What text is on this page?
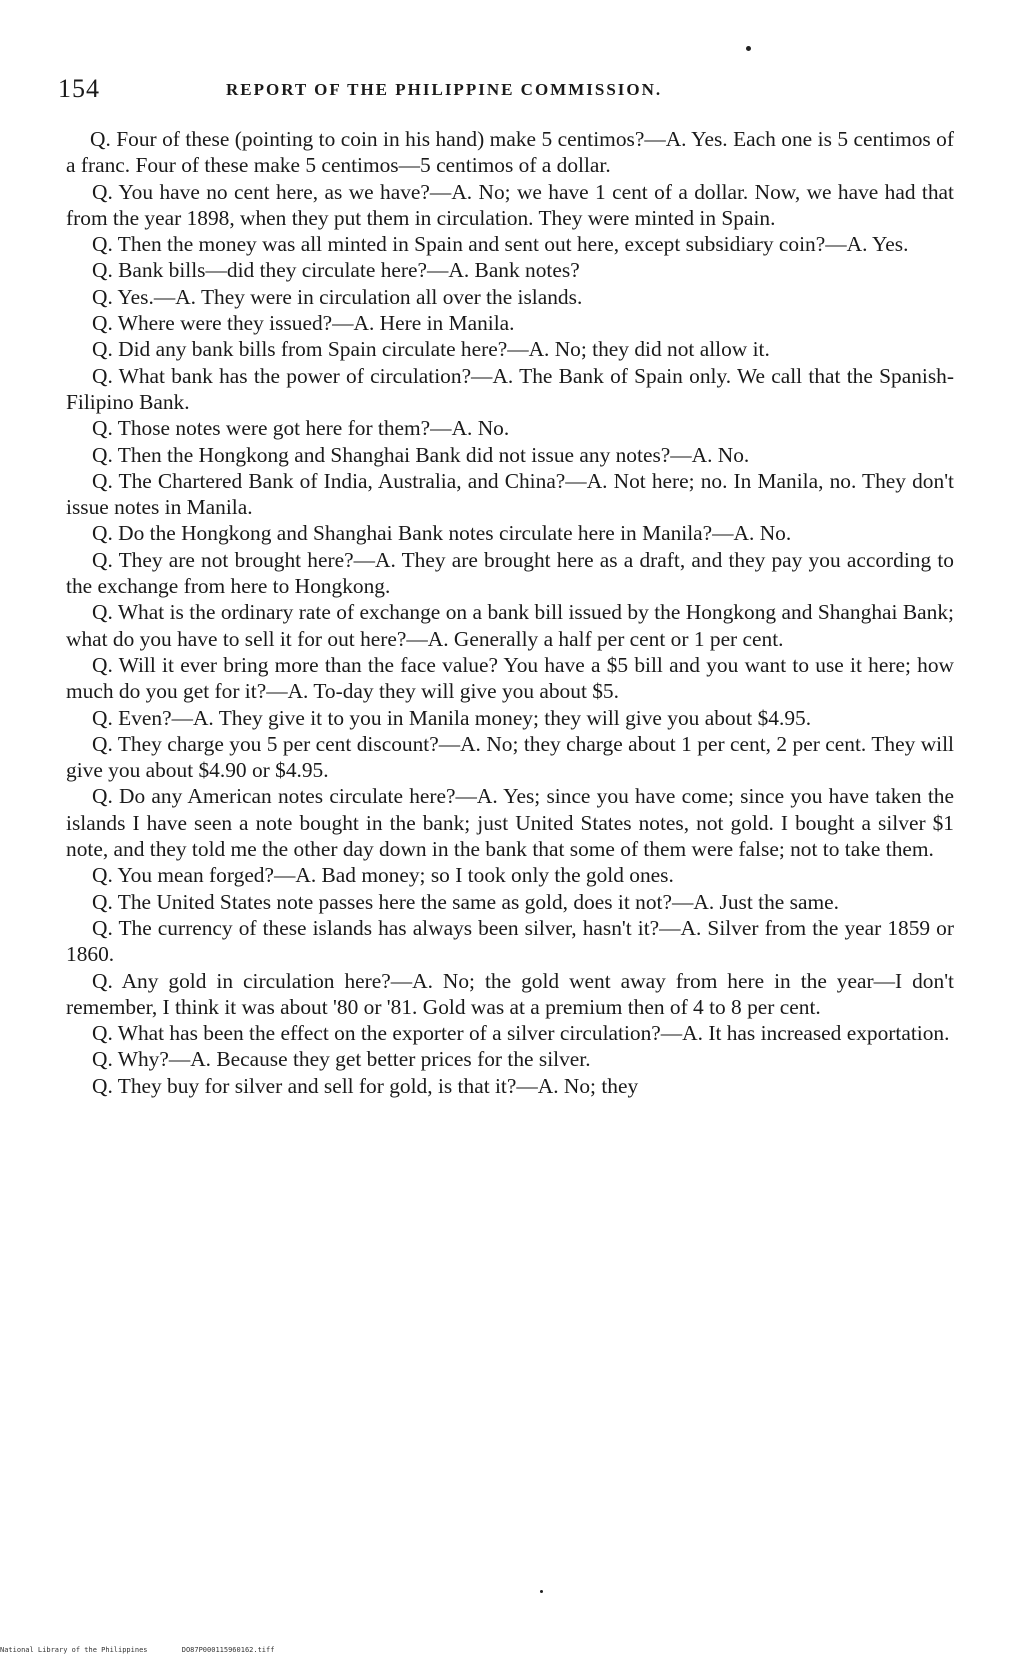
154	REPORT OF THE PHILIPPINE COMMISSION.

Q. Four of these (pointing to coin in his hand) make 5 centimos?—A. Yes. Each one is 5 centimos of a franc. Four of these make 5 centimos—5 centimos of a dollar.

Q. You have no cent here, as we have?—A. No; we have 1 cent of a dollar. Now, we have had that from the year 1898, when they put them in circulation. They were minted in Spain.

Q. Then the money was all minted in Spain and sent out here, except subsidiary coin?—A. Yes.

Q. Bank bills—did they circulate here?—A. Bank notes?

Q. Yes.—A. They were in circulation all over the islands.

Q. Where were they issued?—A. Here in Manila.

Q. Did any bank bills from Spain circulate here?—A. No; they did not allow it.

Q. What bank has the power of circulation?—A. The Bank of Spain only. We call that the Spanish-Filipino Bank.

Q. Those notes were got here for them?—A. No.

Q. Then the Hongkong and Shanghai Bank did not issue any notes?—A. No.

Q. The Chartered Bank of India, Australia, and China?—A. Not here; no. In Manila, no. They don't issue notes in Manila.

Q. Do the Hongkong and Shanghai Bank notes circulate here in Manila?—A. No.

Q. They are not brought here?—A. They are brought here as a draft, and they pay you according to the exchange from here to Hongkong.

Q. What is the ordinary rate of exchange on a bank bill issued by the Hongkong and Shanghai Bank; what do you have to sell it for out here?—A. Generally a half per cent or 1 per cent.

Q. Will it ever bring more than the face value? You have a $5 bill and you want to use it here; how much do you get for it?—A. To-day they will give you about $5.

Q. Even?—A. They give it to you in Manila money; they will give you about $4.95.

Q. They charge you 5 per cent discount?—A. No; they charge about 1 per cent, 2 per cent. They will give you about $4.90 or $4.95.

Q. Do any American notes circulate here?—A. Yes; since you have come; since you have taken the islands I have seen a note bought in the bank; just United States notes, not gold. I bought a silver $1 note, and they told me the other day down in the bank that some of them were false; not to take them.

Q. You mean forged?—A. Bad money; so I took only the gold ones.

Q. The United States note passes here the same as gold, does it not?—A. Just the same.

Q. The currency of these islands has always been silver, hasn't it?—A. Silver from the year 1859 or 1860.

Q. Any gold in circulation here?—A. No; the gold went away from here in the year—I don't remember, I think it was about '80 or '81. Gold was at a premium then of 4 to 8 per cent.

Q. What has been the effect on the exporter of a silver circulation?—A. It has increased exportation.

Q. Why?—A. Because they get better prices for the silver.

Q. They buy for silver and sell for gold, is that it?—A. No; they

National Library of the Philippines	DO87P000115960162.tiff
